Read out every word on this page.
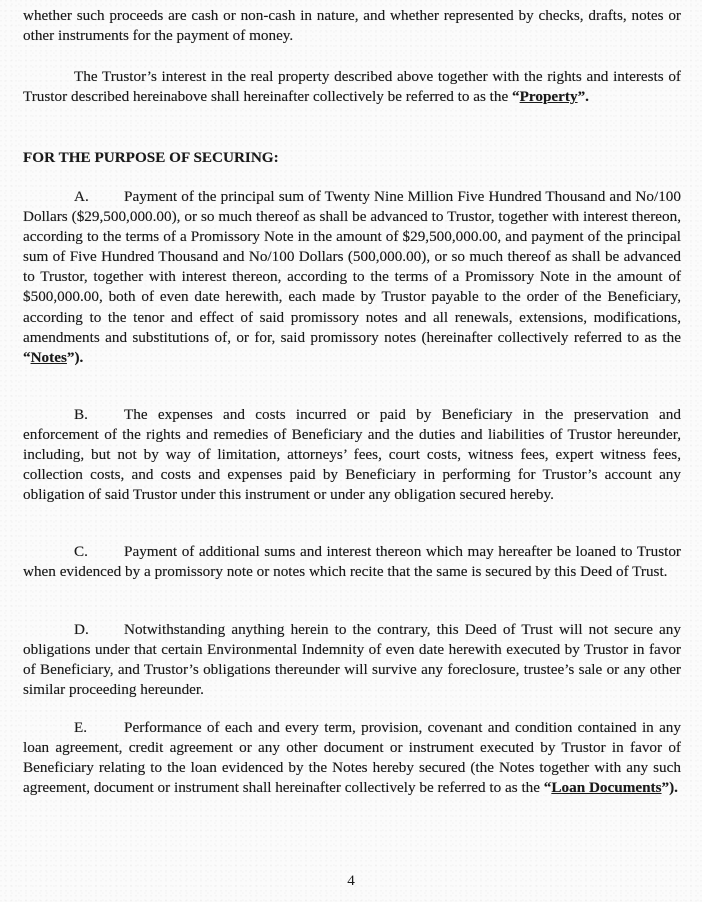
whether such proceeds are cash or non-cash in nature, and whether represented by checks, drafts, notes or other instruments for the payment of money.

The Trustor’s interest in the real property described above together with the rights and interests of Trustor described hereinabove shall hereinafter collectively be referred to as the “Property”.

FOR THE PURPOSE OF SECURING:

A. Payment of the principal sum of Twenty Nine Million Five Hundred Thousand and No/100 Dollars ($29,500,000.00), or so much thereof as shall be advanced to Trustor, together with interest thereon, according to the terms of a Promissory Note in the amount of $29,500,000.00, and payment of the principal sum of Five Hundred Thousand and No/100 Dollars (500,000.00), or so much thereof as shall be advanced to Trustor, together with interest thereon, according to the terms of a Promissory Note in the amount of $500,000.00, both of even date herewith, each made by Trustor payable to the order of the Beneficiary, according to the tenor and effect of said promissory notes and all renewals, extensions, modifications, amendments and substitutions of, or for, said promissory notes (hereinafter collectively referred to as the “Notes”).

B. The expenses and costs incurred or paid by Beneficiary in the preservation and enforcement of the rights and remedies of Beneficiary and the duties and liabilities of Trustor hereunder, including, but not by way of limitation, attorneys’ fees, court costs, witness fees, expert witness fees, collection costs, and costs and expenses paid by Beneficiary in performing for Trustor’s account any obligation of said Trustor under this instrument or under any obligation secured hereby.

C. Payment of additional sums and interest thereon which may hereafter be loaned to Trustor when evidenced by a promissory note or notes which recite that the same is secured by this Deed of Trust.

D. Notwithstanding anything herein to the contrary, this Deed of Trust will not secure any obligations under that certain Environmental Indemnity of even date herewith executed by Trustor in favor of Beneficiary, and Trustor’s obligations thereunder will survive any foreclosure, trustee’s sale or any other similar proceeding hereunder.

E. Performance of each and every term, provision, covenant and condition contained in any loan agreement, credit agreement or any other document or instrument executed by Trustor in favor of Beneficiary relating to the loan evidenced by the Notes hereby secured (the Notes together with any such agreement, document or instrument shall hereinafter collectively be referred to as the “Loan Documents”).

4
